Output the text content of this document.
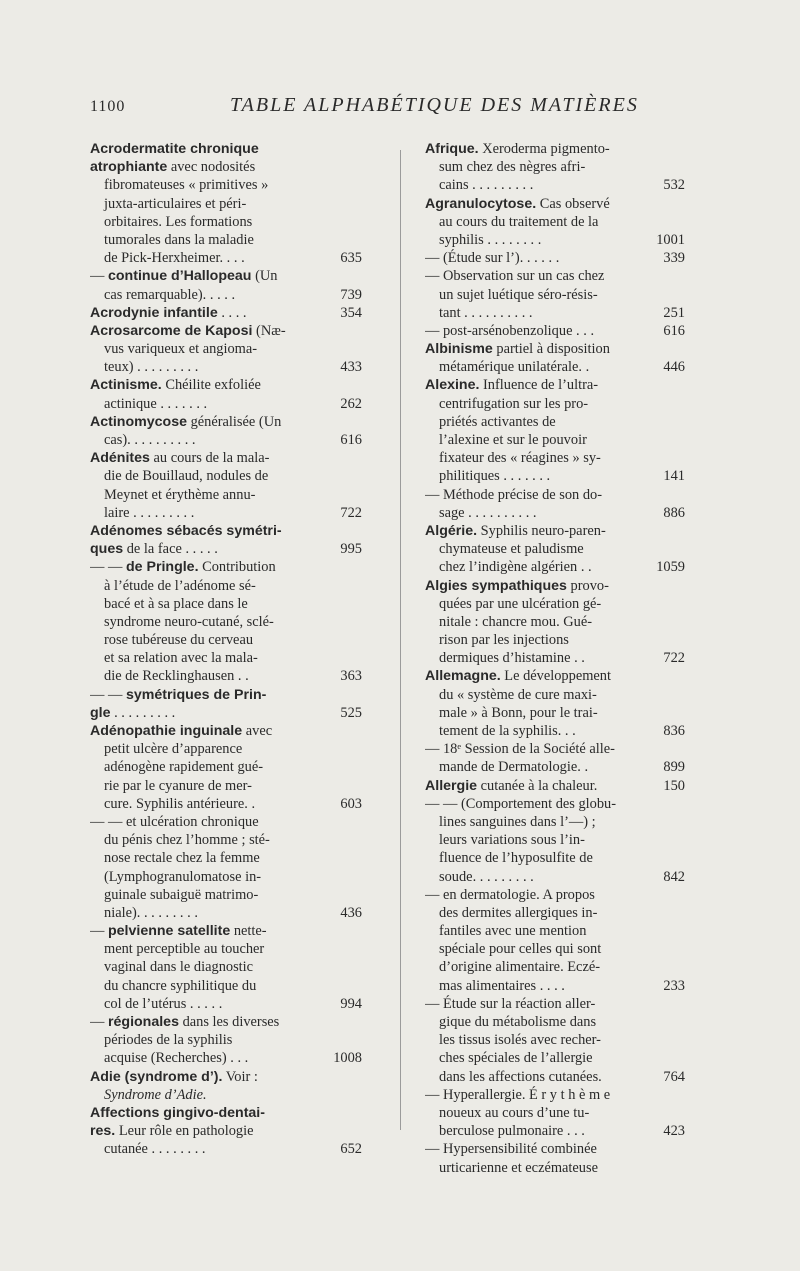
1100	TABLE ALPHABÉTIQUE DES MATIÈRES
Acrodermatite chronique
atrophiante avec nodosités
fibromateuses « primitives »
juxta-articulaires et péri-
orbitaires. Les formations
tumorales dans la maladie
de Pick-Herxheimer. . . .	635
— continue d’Hallopeau (Un
cas remarquable). . . . .	739
Acrodynie infantile . . . .	354
Acrosarcome de Kaposi (Næ-
vus variqueux et angioma-
teux) . . . . . . . . .	433
Actinisme. Chéilite exfoliée
actinique . . . . . . .	262
Actinomycose généralisée (Un
cas). . . . . . . . . .	616
Adénites au cours de la mala-
die de Bouillaud, nodules de
Meynet et érythème annu-
laire . . . . . . . . .	722
Adénomes sébacés symétri-
ques de la face . . . . .	995
— — de Pringle. Contribution
à l’étude de l’adénome sé-
bacé et à sa place dans le
syndrome neuro-cutané, sclé-
rose tubéreuse du cerveau
et sa relation avec la mala-
die de Recklinghausen . .	363
— — symétriques de Prin-
gle . . . . . . . . .	525
Adénopathie inguinale avec
petit ulcère d’apparence
adénogène rapidement gué-
rie par le cyanure de mer-
cure. Syphilis antérieure. .	603
— — et ulcération chronique
du pénis chez l’homme ; sté-
nose rectale chez la femme
(Lymphogranulomatose in-
guinale subaiguë matrimo-
niale). . . . . . . . .	436
— pelvienne satellite nette-
ment perceptible au toucher
vaginal dans le diagnostic
du chancre syphilitique du
col de l’utérus . . . . .	994
— régionales dans les diverses
périodes de la syphilis
acquise (Recherches) . . .	1008
Adie (syndrome d’). Voir :
Syndrome d’Adie.
Affections gingivo-dentai-
res. Leur rôle en pathologie
cutanée . . . . . . . .	652
Afrique. Xeroderma pigmento-
sum chez des nègres afri-
cains . . . . . . . . .	532
Agranulocytose. Cas observé
au cours du traitement de la
syphilis . . . . . . . .	1001
— (Étude sur l’). . . . . .	339
— Observation sur un cas chez
un sujet luétique séro-résis-
tant . . . . . . . . . .	251
— post-arsénobenzolique . . .	616
Albinisme partiel à disposition
métamérique unilatérale. .	446
Alexine. Influence de l’ultra-
centrifugation sur les pro-
priétés activantes de
l’alexine et sur le pouvoir
fixateur des « réagines » sy-
philitiques . . . . . . .	141
— Méthode précise de son do-
sage . . . . . . . . . .	886
Algérie. Syphilis neuro-paren-
chymateuse et paludisme
chez l’indigène algérien . .	1059
Algies sympathiques provo-
quées par une ulcération gé-
nitale : chancre mou. Gué-
rison par les injections
dermiques d’histamine . .	722
Allemagne. Le développement
du « système de cure maxi-
male » à Bonn, pour le trai-
tement de la syphilis. . .	836
— 18ᵉ Session de la Société alle-
mande de Dermatologie. .	899
Allergie cutanée à la chaleur.	150
— — (Comportement des globu-
lines sanguines dans l’—) ;
leurs variations sous l’in-
fluence de l’hyposulfite de
soude. . . . . . . . .	842
— en dermatologie. A propos
des dermites allergiques in-
fantiles avec une mention
spéciale pour celles qui sont
d’origine alimentaire. Eczé-
mas alimentaires . . . .	233
— Étude sur la réaction aller-
gique du métabolisme dans
les tissus isolés avec recher-
ches spéciales de l’allergie
dans les affections cutanées.	764
— Hyperallergie. É r y t h è m e
noueux au cours d’une tu-
berculose pulmonaire . . .	423
— Hypersensibilité combinée
urticarienne et eczémateuse
